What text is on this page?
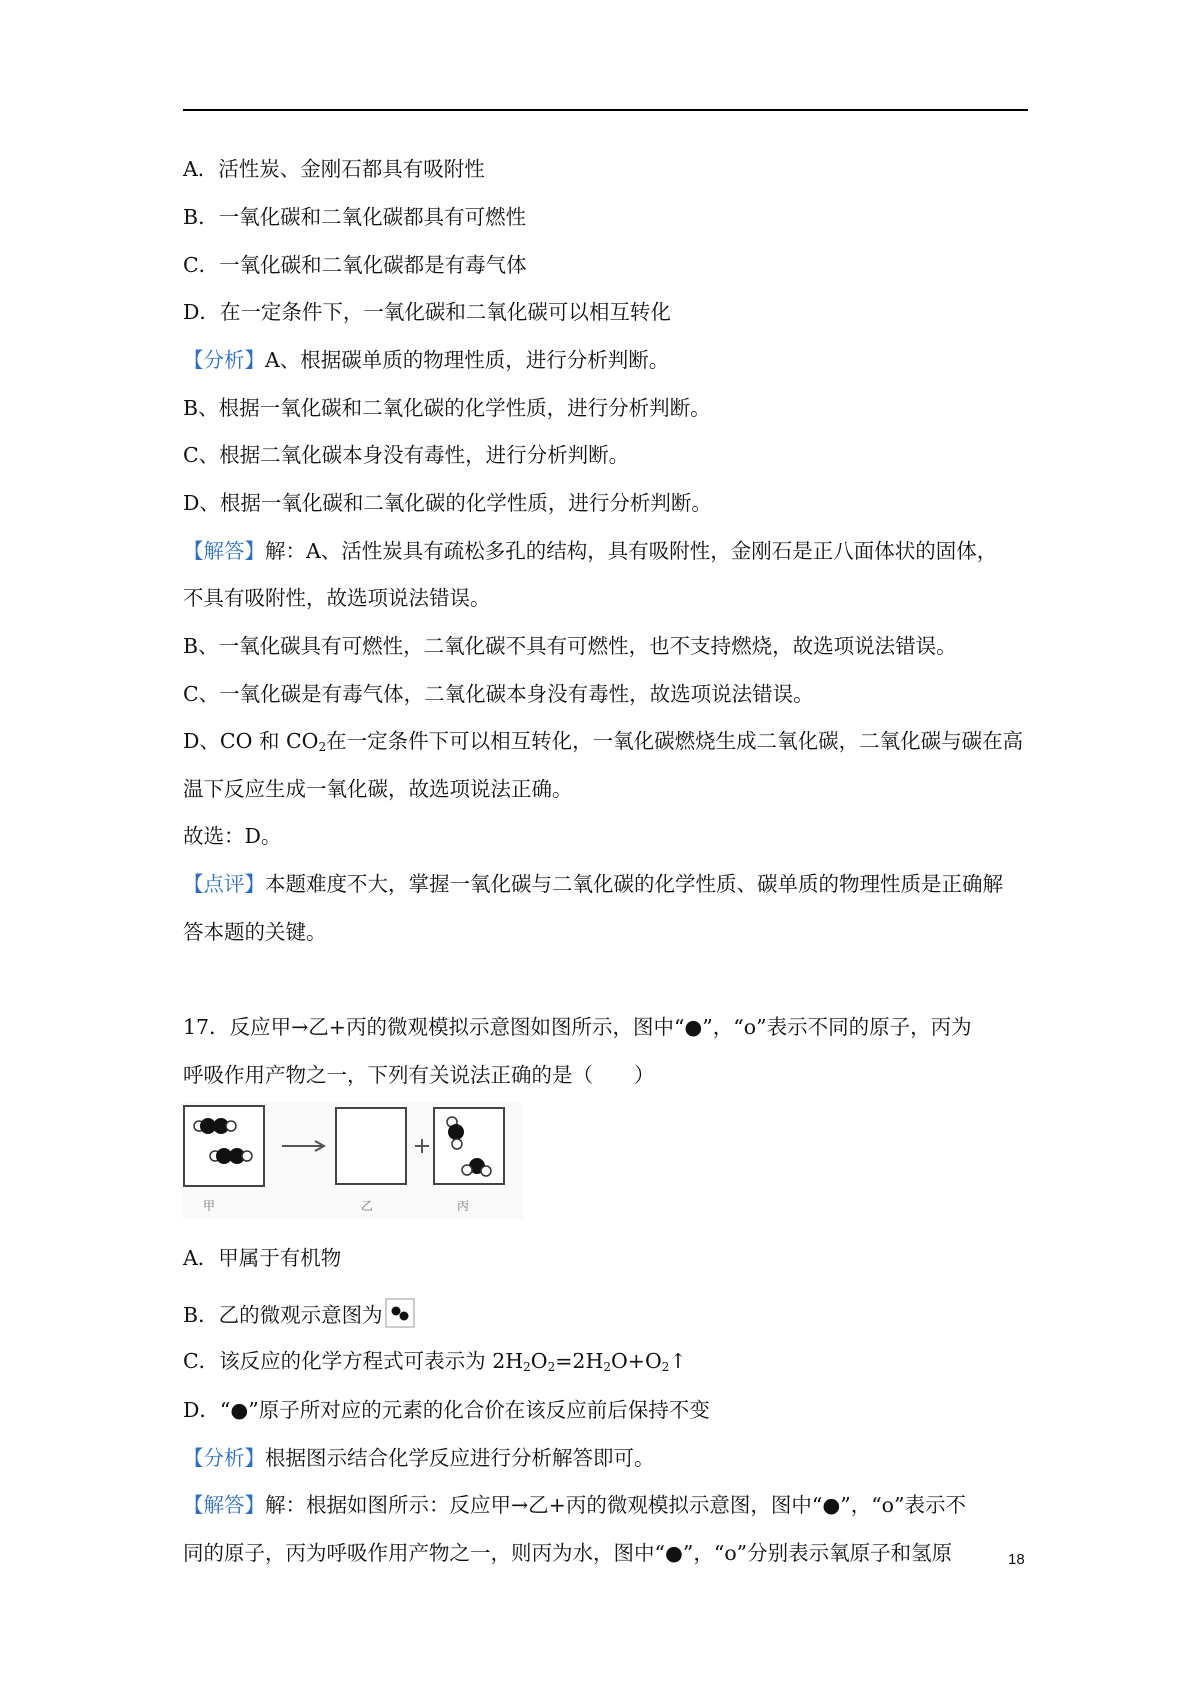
A．活性炭、金刚石都具有吸附性
B．一氧化碳和二氧化碳都具有可燃性
C．一氧化碳和二氧化碳都是有毒气体
D．在一定条件下，一氧化碳和二氧化碳可以相互转化
【分析】A、根据碳单质的物理性质，进行分析判断。
B、根据一氧化碳和二氧化碳的化学性质，进行分析判断。
C、根据二氧化碳本身没有毒性，进行分析判断。
D、根据一氧化碳和二氧化碳的化学性质，进行分析判断。
【解答】解：A、活性炭具有疏松多孔的结构，具有吸附性，金刚石是正八面体状的固体，
不具有吸附性，故选项说法错误。
B、一氧化碳具有可燃性，二氧化碳不具有可燃性，也不支持燃烧，故选项说法错误。
C、一氧化碳是有毒气体，二氧化碳本身没有毒性，故选项说法错误。
D、CO 和 $CO_2$在一定条件下可以相互转化，一氧化碳燃烧生成二氧化碳，二氧化碳与碳在高
温下反应生成一氧化碳，故选项说法正确。
故选：D。
【点评】本题难度不大，掌握一氧化碳与二氧化碳的化学性质、碳单质的物理性质是正确解
答本题的关键。
17．反应甲→乙+丙的微观模拟示意图如图所示，图中“●”，“o”表示不同的原子，丙为
呼吸作用产物之一，下列有关说法正确的是（　　）
甲	乙	丙
A．甲属于有机物
B．乙的微观示意图为
C．该反应的化学方程式可表示为 $2H_2O_2=2H_2O+O_2↑$
D．“●”原子所对应的元素的化合价在该反应前后保持不变
【分析】根据图示结合化学反应进行分析解答即可。
【解答】解：根据如图所示：反应甲→乙+丙的微观模拟示意图，图中“●”，“o”表示不
同的原子，丙为呼吸作用产物之一，则丙为水，图中“●”，“o”分别表示氧原子和氢原	18
